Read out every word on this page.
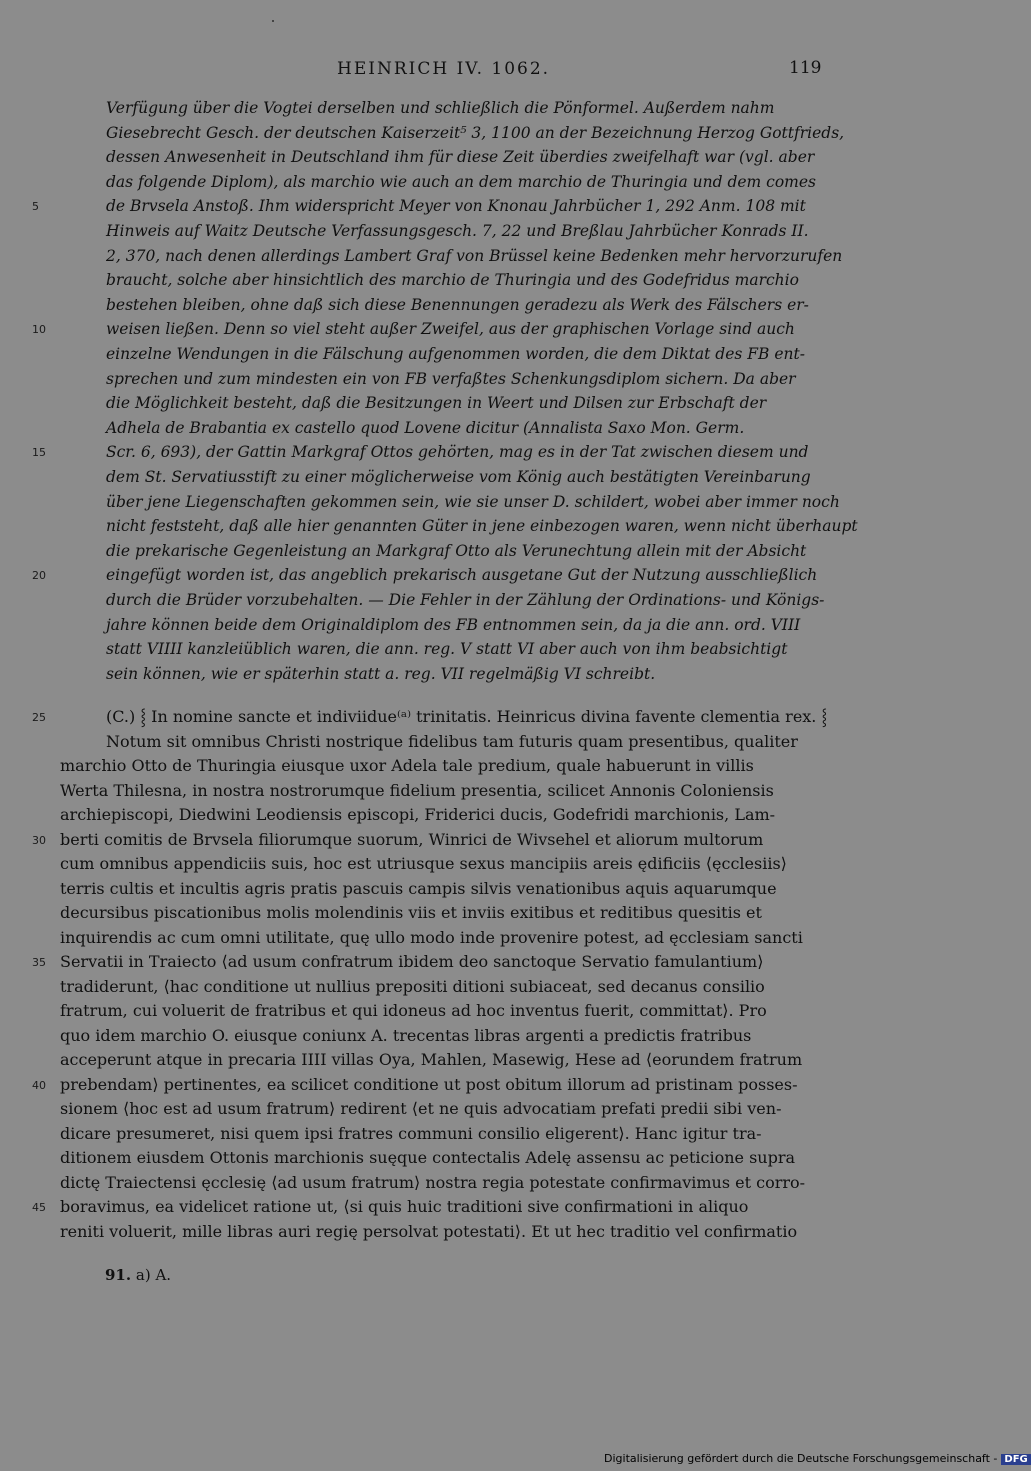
HEINRICH IV. 1062.	119
Verfügung über die Vogtei derselben und schließlich die Pönformel. Außerdem nahm
Giesebrecht Gesch. der deutschen Kaiserzeit⁵ 3, 1100 an der Bezeichnung Herzog Gottfrieds,
dessen Anwesenheit in Deutschland ihm für diese Zeit überdies zweifelhaft war (vgl. aber
das folgende Diplom), als marchio wie auch an dem marchio de Thuringia und dem comes
de Brvsela Anstoß. Ihm widerspricht Meyer von Knonau Jahrbücher 1, 292 Anm. 108 mit
Hinweis auf Waitz Deutsche Verfassungsgesch. 7, 22 und Breßlau Jahrbücher Konrads II.
2, 370, nach denen allerdings Lambert Graf von Brüssel keine Bedenken mehr hervorzurufen
braucht, solche aber hinsichtlich des marchio de Thuringia und des Godefridus marchio
bestehen bleiben, ohne daß sich diese Benennungen geradezu als Werk des Fälschers er-
weisen ließen. Denn so viel steht außer Zweifel, aus der graphischen Vorlage sind auch
einzelne Wendungen in die Fälschung aufgenommen worden, die dem Diktat des FB ent-
sprechen und zum mindesten ein von FB verfaßtes Schenkungsdiplom sichern. Da aber
die Möglichkeit besteht, daß die Besitzungen in Weert und Dilsen zur Erbschaft der
Adhela de Brabantia ex castello quod Lovene dicitur (Annalista Saxo Mon. Germ.
Scr. 6, 693), der Gattin Markgraf Ottos gehörten, mag es in der Tat zwischen diesem und
dem St. Servatiusstift zu einer möglicherweise vom König auch bestätigten Vereinbarung
über jene Liegenschaften gekommen sein, wie sie unser D. schildert, wobei aber immer noch
nicht feststeht, daß alle hier genannten Güter in jene einbezogen waren, wenn nicht überhaupt
die prekarische Gegenleistung an Markgraf Otto als Verunechtung allein mit der Absicht
eingefügt worden ist, das angeblich prekarisch ausgetane Gut der Nutzung ausschließlich
durch die Brüder vorzubehalten. — Die Fehler in der Zählung der Ordinations- und Königs-
jahre können beide dem Originaldiplom des FB entnommen sein, da ja die ann. ord. VIII
statt VIIII kanzleiüblich waren, die ann. reg. V statt VI aber auch von ihm beabsichtigt
sein können, wie er späterhin statt a. reg. VII regelmäßig VI schreibt.
(C.) ⸾ In nomine sancte et indiviidue⁽ᵃ⁾ trinitatis. Heinricus divina favente clementia rex. ⸾
Notum sit omnibus Christi nostrique fidelibus tam futuris quam presentibus, qualiter
marchio Otto de Thuringia eiusque uxor Adela tale predium, quale habuerunt in villis
Werta Thilesna, in nostra nostrorumque fidelium presentia, scilicet Annonis Coloniensis
archiepiscopi, Diedwini Leodiensis episcopi, Friderici ducis, Godefridi marchionis, Lam-
berti comitis de Brvsela filiorumque suorum, Winrici de Wivsehel et aliorum multorum
cum omnibus appendiciis suis, hoc est utriusque sexus mancipiis areis ędificiis ⟨ęcclesiis⟩
terris cultis et incultis agris pratis pascuis campis silvis venationibus aquis aquarumque
decursibus piscationibus molis molendinis viis et inviis exitibus et reditibus quesitis et
inquirendis ac cum omni utilitate, quę ullo modo inde provenire potest, ad ęcclesiam sancti
Servatii in Traiecto ⟨ad usum confratrum ibidem deo sanctoque Servatio famulantium⟩
tradiderunt, ⟨hac conditione ut nullius prepositi ditioni subiaceat, sed decanus consilio
fratrum, cui voluerit de fratribus et qui idoneus ad hoc inventus fuerit, committat⟩. Pro
quo idem marchio O. eiusque coniunx A. trecentas libras argenti a predictis fratribus
acceperunt atque in precaria IIII villas Oya, Mahlen, Masewig, Hese ad ⟨eorundem fratrum
prebendam⟩ pertinentes, ea scilicet conditione ut post obitum illorum ad pristinam posses-
sionem ⟨hoc est ad usum fratrum⟩ redirent ⟨et ne quis advocatiam prefati predii sibi ven-
dicare presumeret, nisi quem ipsi fratres communi consilio eligerent⟩. Hanc igitur tra-
ditionem eiusdem Ottonis marchionis suęque contectalis Adelę assensu ac peticione supra
dictę Traiectensi ęcclesię ⟨ad usum fratrum⟩ nostra regia potestate confirmavimus et corro-
boravimus, ea videlicet ratione ut, ⟨si quis huic traditioni sive confirmationi in aliquo
reniti voluerit, mille libras auri regię persolvat potestati⟩. Et ut hec traditio vel confirmatio
5
10
15
20
25
30
35
40
45
91. a) A.
Digitalisierung gefördert durch die Deutsche Forschungsgemeinschaft - DFG
